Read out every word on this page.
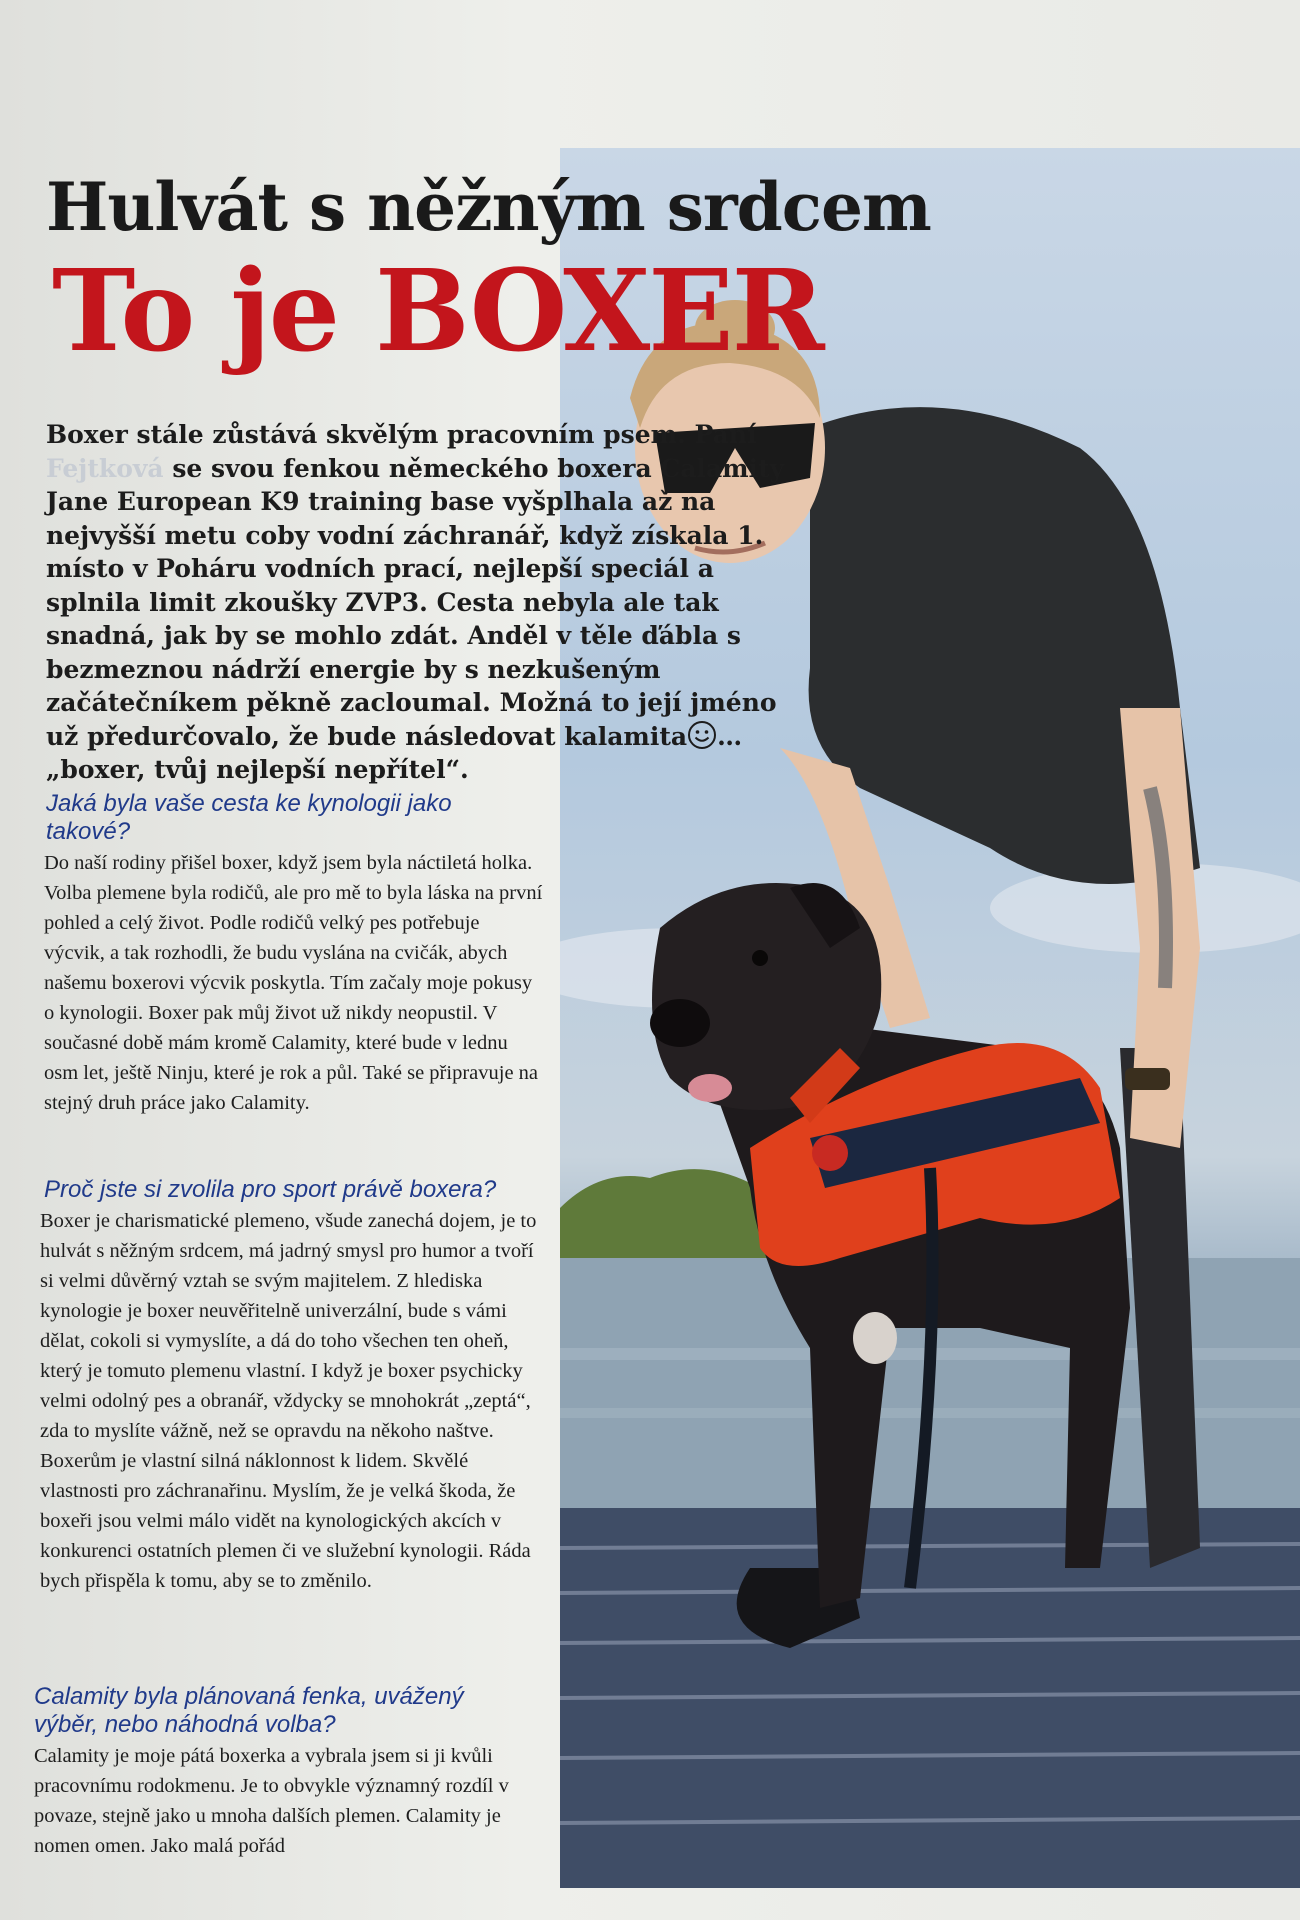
Hulvát s něžným srdcem
To je BOXER
Boxer stále zůstává skvělým pracovním psem. Paní Fejtková se svou fenkou německého boxera Calamity Jane European K9 training base vyšplhala až na nejvyšší metu coby vodní záchranář, když získala 1. místo v Poháru vodních prací, nejlepší speciál a splnila limit zkoušky ZVP3. Cesta nebyla ale tak snadná, jak by se mohlo zdát. Anděl v těle ďábla s bezmeznou nádrží energie by s nezkušeným začátečníkem pěkně zacloumal. Možná to její jméno už předurčovalo, že bude následovat kalamita … „boxer, tvůj nejlepší nepřítel“.
Jaká byla vaše cesta ke kynologii jako takové?
Do naší rodiny přišel boxer, když jsem byla náctiletá holka. Volba plemene byla rodičů, ale pro mě to byla láska na první pohled a celý život. Podle rodičů velký pes potřebuje výcvik, a tak rozhodli, že budu vyslána na cvičák, abych našemu boxerovi výcvik poskytla. Tím začaly moje pokusy o kynologii. Boxer pak můj život už nikdy neopustil. V současné době mám kromě Calamity, které bude v lednu osm let, ještě Ninju, které je rok a půl. Také se připravuje na stejný druh práce jako Calamity.
Proč jste si zvolila pro sport právě boxera?
Boxer je charismatické plemeno, všude zanechá dojem, je to hulvát s něžným srdcem, má jadrný smysl pro humor a tvoří si velmi důvěrný vztah se svým majitelem. Z hlediska kynologie je boxer neuvěřitelně univerzální, bude s vámi dělat, cokoli si vymyslíte, a dá do toho všechen ten oheň, který je tomuto plemenu vlastní. I když je boxer psychicky velmi odolný pes a obranář, vždycky se mnohokrát „zeptá“, zda to myslíte vážně, než se opravdu na někoho naštve. Boxerům je vlastní silná náklonnost k lidem. Skvělé vlastnosti pro záchranařinu. Myslím, že je velká škoda, že boxeři jsou velmi málo vidět na kynologických akcích v konkurenci ostatních plemen či ve služební kynologii. Ráda bych přispěla k tomu, aby se to změnilo.
Calamity byla plánovaná fenka, uvážený výběr, nebo náhodná volba?
Calamity je moje pátá boxerka a vybrala jsem si ji kvůli pracovnímu rodokmenu. Je to obvykle významný rozdíl v povaze, stejně jako u mnoha dalších plemen. Calamity je nomen omen. Jako malá pořád
